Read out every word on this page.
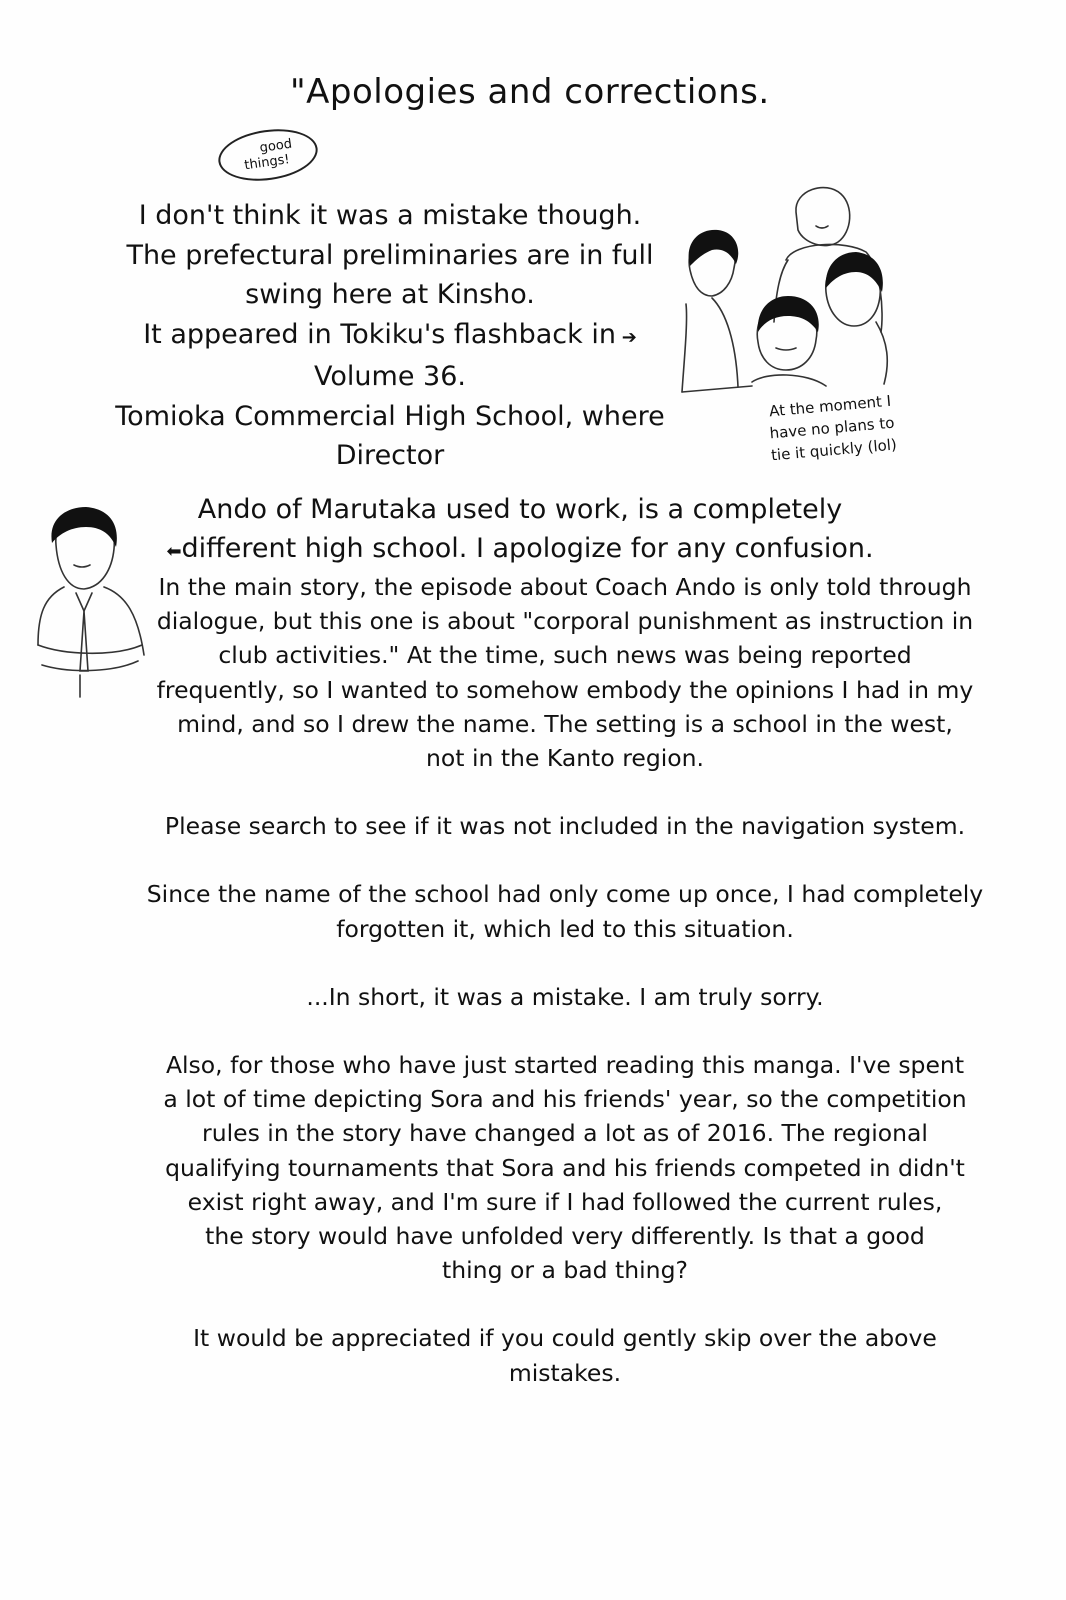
"Apologies and corrections.
good
things!
I don't think it was a mistake though.
The prefectural preliminaries are in full
swing here at Kinsho.
It appeared in Tokiku's flashback in ➔
Volume 36.
Tomioka Commercial High School, where
Director
At the moment I
have no plans to
tie it quickly (lol)
Ando of Marutaka used to work, is a completely
⬅ different high school. I apologize for any confusion.
In the main story, the episode about Coach Ando is only told through
dialogue, but this one is about "corporal punishment as instruction in
club activities." At the time, such news was being reported
frequently, so I wanted to somehow embody the opinions I had in my
mind, and so I drew the name. The setting is a school in the west,
not in the Kanto region.
Please search to see if it was not included in the navigation system.
Since the name of the school had only come up once, I had completely
forgotten it, which led to this situation.
...In short, it was a mistake. I am truly sorry.
Also, for those who have just started reading this manga. I've spent
a lot of time depicting Sora and his friends' year, so the competition
rules in the story have changed a lot as of 2016. The regional
qualifying tournaments that Sora and his friends competed in didn't
exist right away, and I'm sure if I had followed the current rules,
the story would have unfolded very differently. Is that a good
thing or a bad thing?
It would be appreciated if you could gently skip over the above
mistakes.
